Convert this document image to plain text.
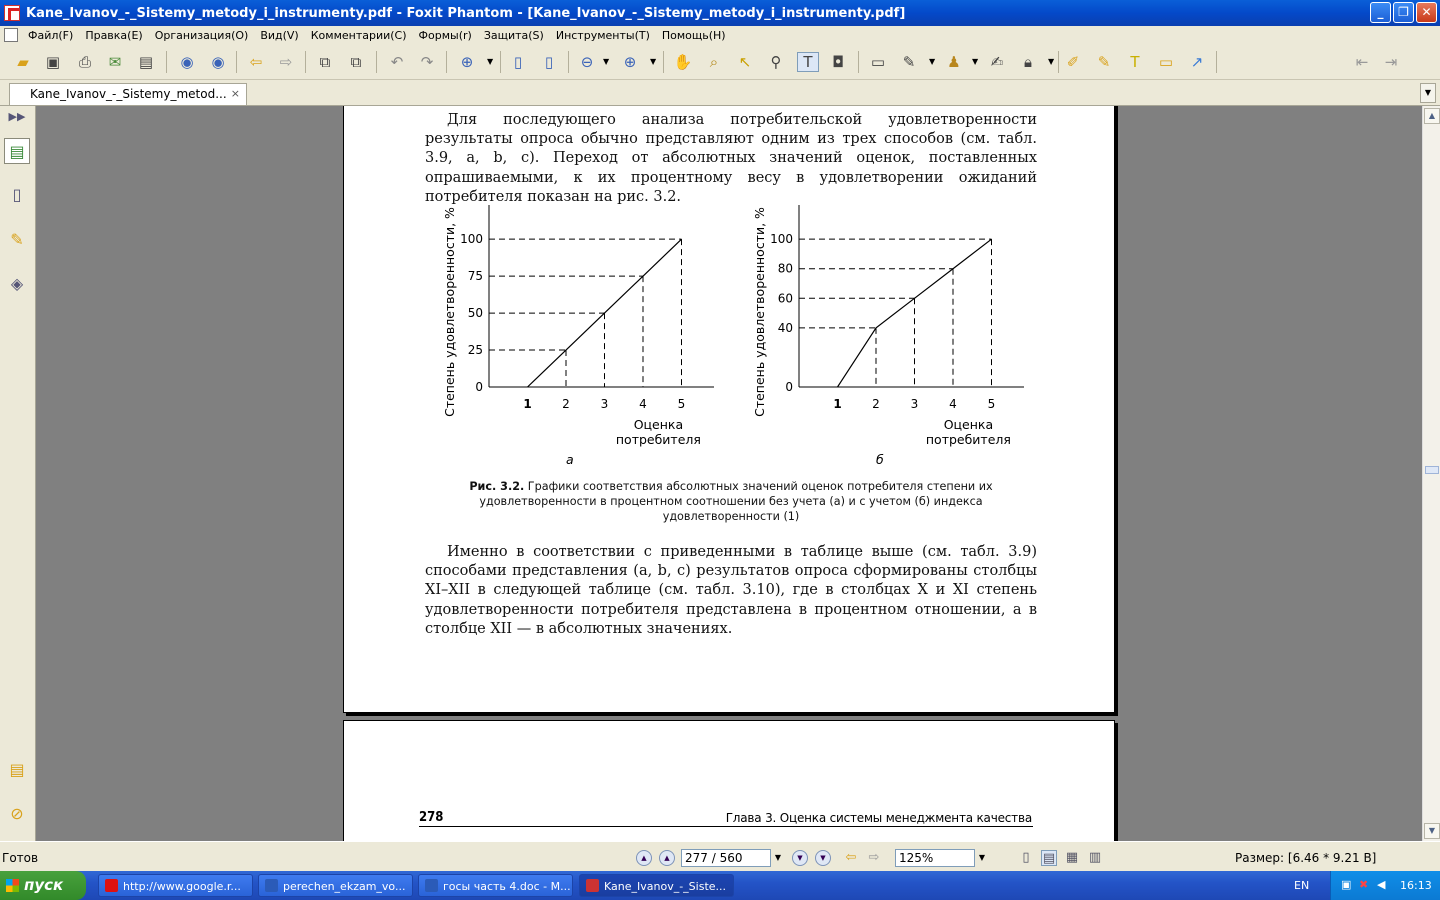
Kane_Ivanov_-_Sistemy_metody_i_instrumenty.pdf - Foxit Phantom - [Kane_Ivanov_-_Sistemy_metody_i_instrumenty.pdf]	_	❐	✕
Файл(F)	Правка(E)	Организация(O)	Вид(V)	Комментарии(C)	Формы(r)	Защита(S)	Инструменты(T)	Помощь(H)
▰	▣	⎙	✉	▤ ◉ ◉	⇦	⇨	⧉	⧉	↶	↷	⊕	▼	▯	▯	⊖	▼ ⊕	▼ ✋	⌕	↖	⚲	T	◘	▭	✎	▼ ♟	▼ ✍	🔒︎	▼ ✐	✎	T	▭	↗	⇤	⇥
Kane_Ivanov_-_Sistemy_metod... ×	▼
▶▶
▤
▯
✎
◈
▤
⊘

Для последующего анализа потребительской удовлетворенности результаты опроса обычно представляют одним из трех способов (см. табл. 3.9, a, b, c). Переход от абсолютных значений оценок, поставленных опрашиваемыми, к их процентному весу в удовлетворении ожиданий потребителя показан на рис. 3.2.

0
25
50
75
100
1	2	3	4	5
Степень удовлетворенности, %
Оценка
потребителя
а
0
40
60
80
100
1	2	3	4	5
Степень удовлетворенности, %
Оценка
потребителя
б
Рис. 3.2. Графики соответствия абсолютных значений оценок потребителя степени их удовлетворенности в процентном соотношении без учета (а) и с учетом (б) индекса удовлетворенности (1)

Именно в соответствии с приведенными в таблице выше (см. табл. 3.9) способами представления (a, b, c) результатов опроса сформированы столбцы XI–XII в следующей таблице (см. табл. 3.10), где в столбцах X и XI степень удовлетворенности потребителя представлена в процентном отношении, а в столбце XII — в абсолютных значениях.

278	Глава 3. Оценка системы менеджмента качества
▲
▼
Готов	▲	▲	277 / 560	▼	▼	▼	⇦ ⇨	125%	▼	▯	▤ ▦ ▥	Размер: [6.46 * 9.21 В]
пуск	http://www.google.r...	perechen_ekzam_vo...	госы часть 4.doc - M...	Kane_Ivanov_-_Siste...	EN	▣ ✖ ◀ 16:13
